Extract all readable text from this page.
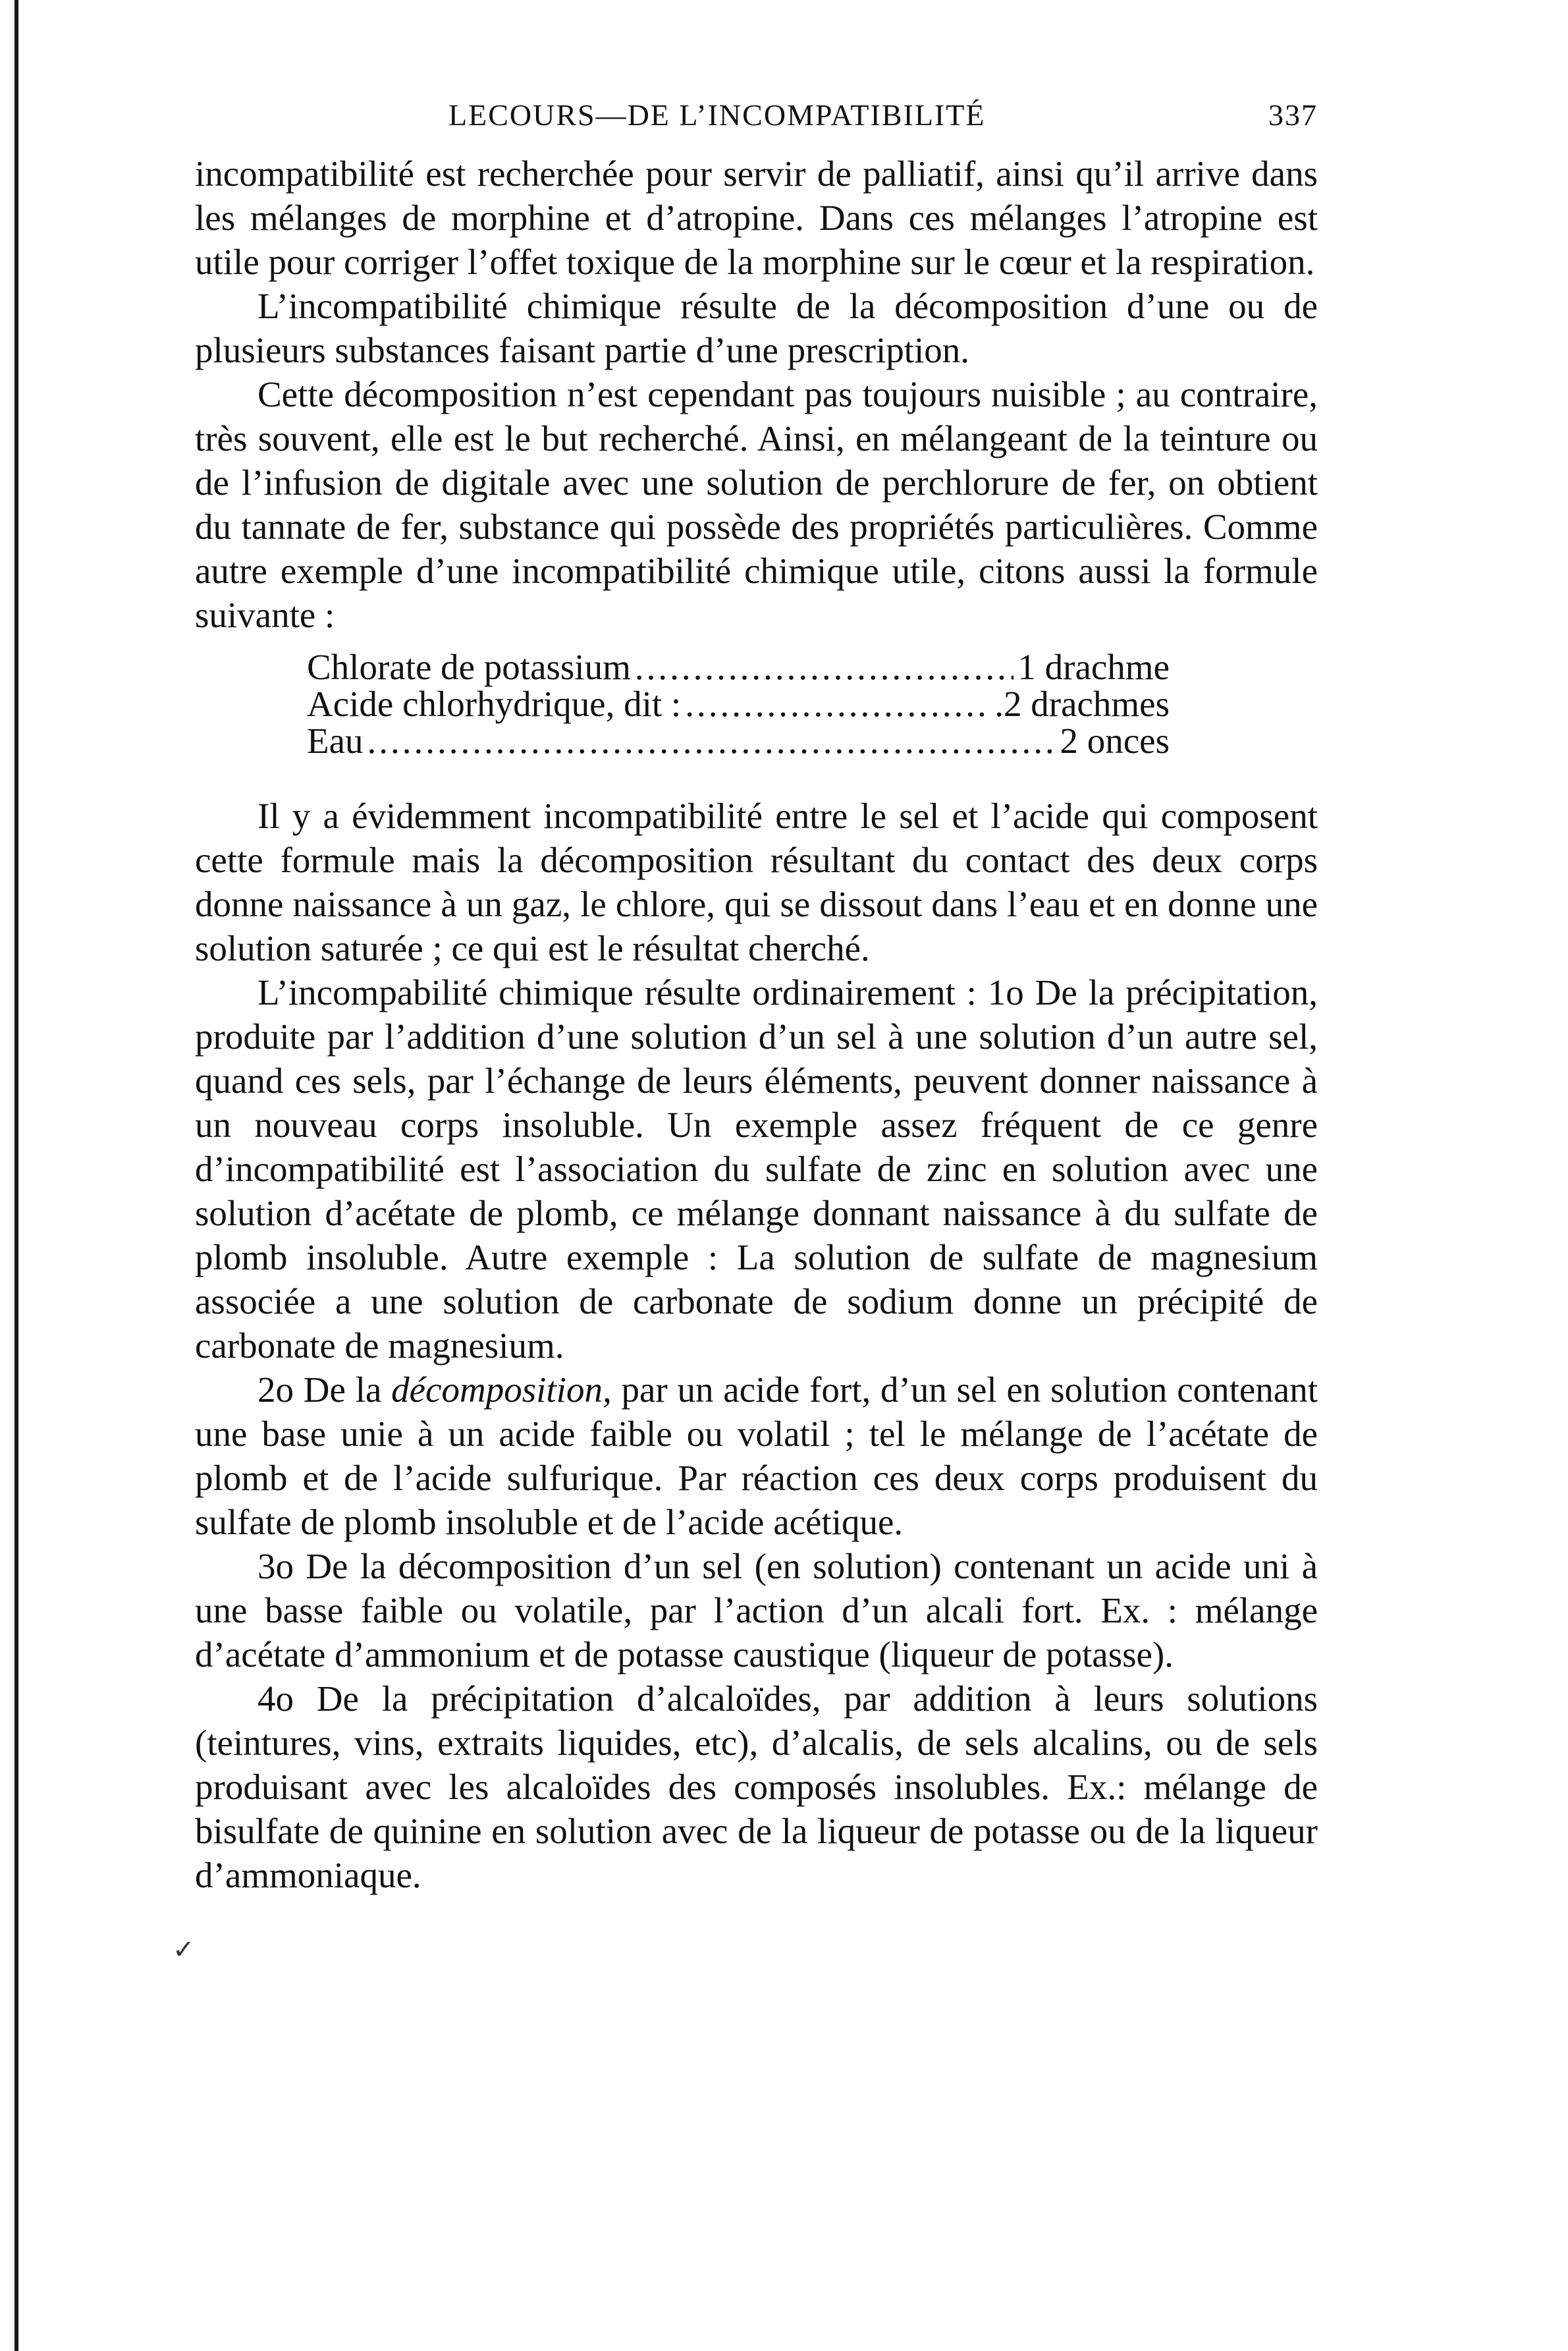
LECOURS—DE L’INCOMPATIBILITÉ	337

incompatibilité est recherchée pour servir de palliatif, ainsi qu’il arrive dans les mélanges de morphine et d’atropine. Dans ces mélanges l’atropine est utile pour corriger l’offet toxique de la morphine sur le cœur et la respiration.

L’incompatibilité chimique résulte de la décomposition d’une ou de plusieurs substances faisant partie d’une prescription.

Cette décomposition n’est cependant pas toujours nuisible ; au contraire, très souvent, elle est le but recherché. Ainsi, en mélangeant de la teinture ou de l’infusion de digitale avec une solution de perchlorure de fer, on obtient du tannate de fer, substance qui possède des propriétés particulières. Comme autre exemple d’une incompatibilité chimique utile, citons aussi la formule suivante :

Chlorate de potassium .....	1 drachme
Acide chlorhydrique, dit : .....	.2 drachmes
Eau .....	2 onces

Il y a évidemment incompatibilité entre le sel et l’acide qui composent cette formule mais la décomposition résultant du contact des deux corps donne naissance à un gaz, le chlore, qui se dissout dans l’eau et en donne une solution saturée ; ce qui est le résultat cherché.

L’incompabilité chimique résulte ordinairement : 1o De la précipitation, produite par l’addition d’une solution d’un sel à une solution d’un autre sel, quand ces sels, par l’échange de leurs éléments, peuvent donner naissance à un nouveau corps insoluble. Un exemple assez fréquent de ce genre d’incompatibilité est l’association du sulfate de zinc en solution avec une solution d’acétate de plomb, ce mélange donnant naissance à du sulfate de plomb insoluble. Autre exemple : La solution de sulfate de magnesium associée a une solution de carbonate de sodium donne un précipité de carbonate de magnesium.

2o De la décomposition, par un acide fort, d’un sel en solution contenant une base unie à un acide faible ou volatil ; tel le mélange de l’acétate de plomb et de l’acide sulfurique. Par réaction ces deux corps produisent du sulfate de plomb insoluble et de l’acide acétique.

3o De la décomposition d’un sel (en solution) contenant un acide uni à une basse faible ou volatile, par l’action d’un alcali fort. Ex. : mélange d’acétate d’ammonium et de potasse caustique (liqueur de potasse).

4o De la précipitation d’alcaloïdes, par addition à leurs solutions (teintures, vins, extraits liquides, etc), d’alcalis, de sels alcalins, ou de sels produisant avec les alcaloïdes des composés insolubles. Ex.: mélange de bisulfate de quinine en solution avec de la liqueur de potasse ou de la liqueur d’ammoniaque.

✓
